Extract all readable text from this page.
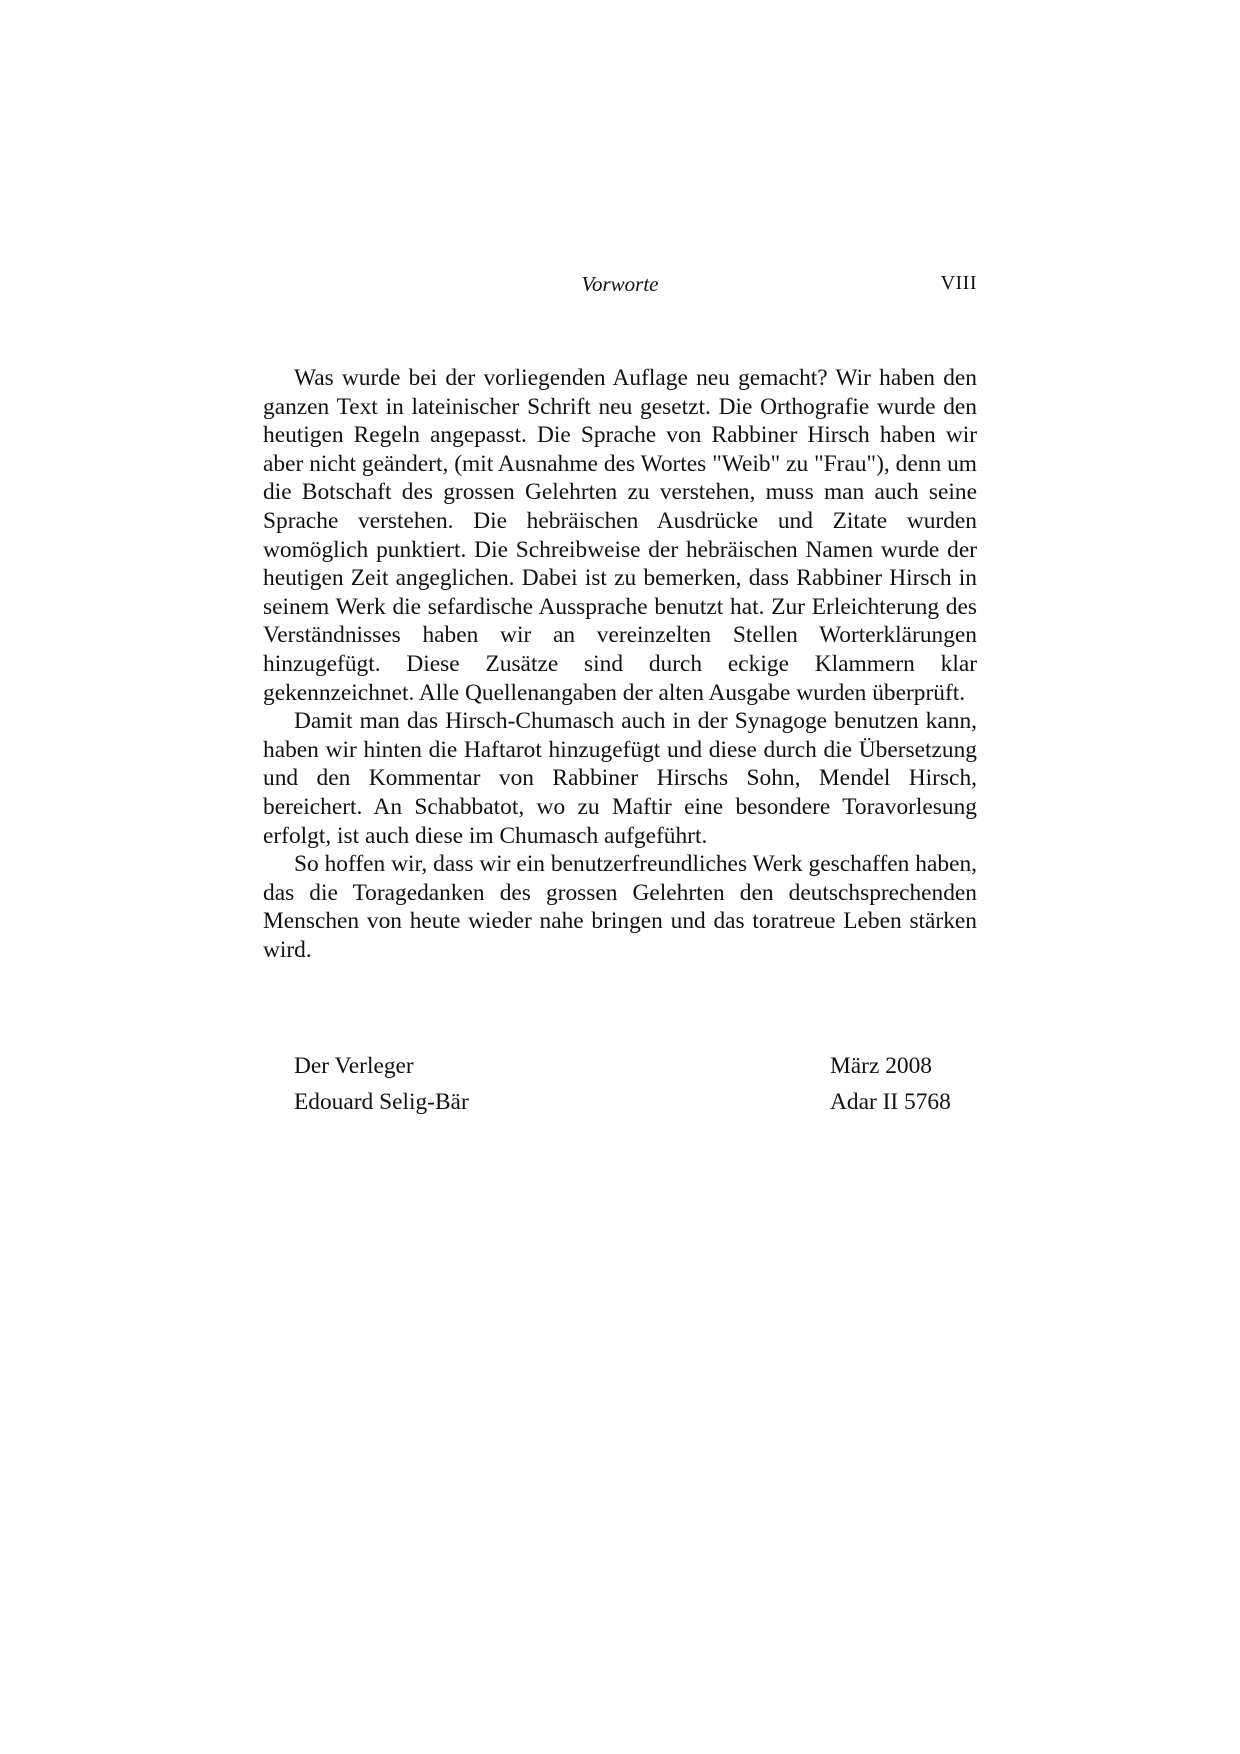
Vorworte	VIII

Was wurde bei der vorliegenden Auflage neu gemacht? Wir haben den ganzen Text in lateinischer Schrift neu gesetzt. Die Orthografie wurde den heutigen Regeln angepasst. Die Sprache von Rabbiner Hirsch haben wir aber nicht geändert, (mit Ausnahme des Wortes "Weib" zu "Frau"), denn um die Botschaft des grossen Gelehrten zu verstehen, muss man auch seine Sprache verstehen. Die hebräischen Ausdrücke und Zitate wurden womöglich punktiert. Die Schreibweise der hebräischen Namen wurde der heutigen Zeit angeglichen. Dabei ist zu bemerken, dass Rabbiner Hirsch in seinem Werk die sefardische Aussprache benutzt hat. Zur Erleichterung des Verständnisses haben wir an vereinzelten Stellen Worterklärungen hinzugefügt. Diese Zusätze sind durch eckige Klammern klar gekennzeichnet. Alle Quellenangaben der alten Ausgabe wurden überprüft.

Damit man das Hirsch-Chumasch auch in der Synagoge benutzen kann, haben wir hinten die Haftarot hinzugefügt und diese durch die Übersetzung und den Kommentar von Rabbiner Hirschs Sohn, Mendel Hirsch, bereichert. An Schabbatot, wo zu Maftir eine besondere Toravorlesung erfolgt, ist auch diese im Chumasch aufgeführt.

So hoffen wir, dass wir ein benutzerfreundliches Werk geschaffen haben, das die Toragedanken des grossen Gelehrten den deutschsprechenden Menschen von heute wieder nahe bringen und das toratreue Leben stärken wird.

Der Verleger	März 2008
Edouard Selig-Bär	Adar II 5768
